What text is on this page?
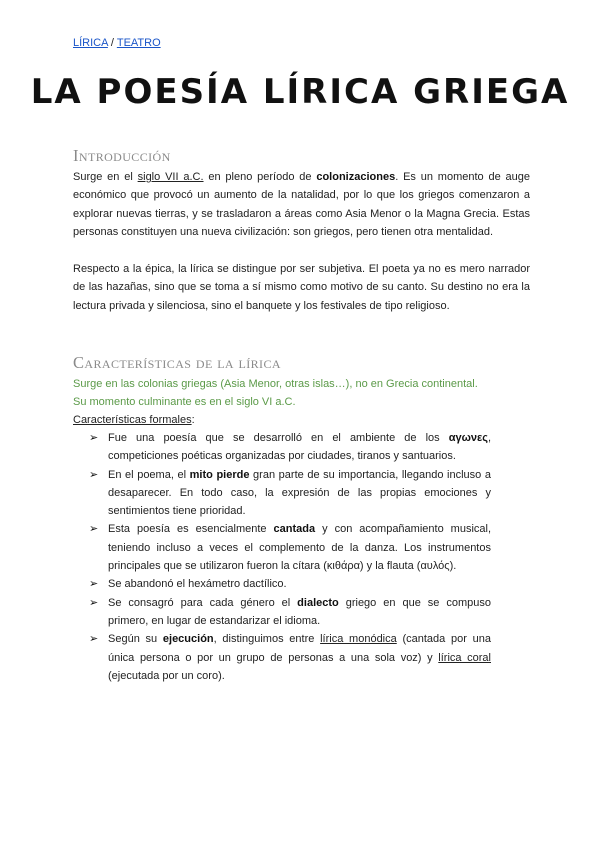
LÍRICA / TEATRO
LA POESÍA LÍRICA GRIEGA
Introducción
Surge en el siglo VII a.C. en pleno período de colonizaciones. Es un momento de auge económico que provocó un aumento de la natalidad, por lo que los griegos comenzaron a explorar nuevas tierras, y se trasladaron a áreas como Asia Menor o la Magna Grecia. Estas personas constituyen una nueva civilización: son griegos, pero tienen otra mentalidad.
Respecto a la épica, la lírica se distingue por ser subjetiva. El poeta ya no es mero narrador de las hazañas, sino que se toma a sí mismo como motivo de su canto. Su destino no era la lectura privada y silenciosa, sino el banquete y los festivales de tipo religioso.
Características de la lírica
Surge en las colonias griegas (Asia Menor, otras islas…), no en Grecia continental.
Su momento culminante es en el siglo VI a.C.
Características formales:
➢ Fue una poesía que se desarrolló en el ambiente de los αγωνες, competiciones poéticas organizadas por ciudades, tiranos y santuarios.
➢ En el poema, el mito pierde gran parte de su importancia, llegando incluso a desaparecer. En todo caso, la expresión de las propias emociones y sentimientos tiene prioridad.
➢ Esta poesía es esencialmente cantada y con acompañamiento musical, teniendo incluso a veces el complemento de la danza. Los instrumentos principales que se utilizaron fueron la cítara (κιθάρα) y la flauta (αυλός).
➢ Se abandonó el hexámetro dactílico.
➢ Se consagró para cada género el dialecto griego en que se compuso primero, en lugar de estandarizar el idioma.
➢ Según su ejecución, distinguimos entre lírica monódica (cantada por una única persona o por un grupo de personas a una sola voz) y lírica coral (ejecutada por un coro).
